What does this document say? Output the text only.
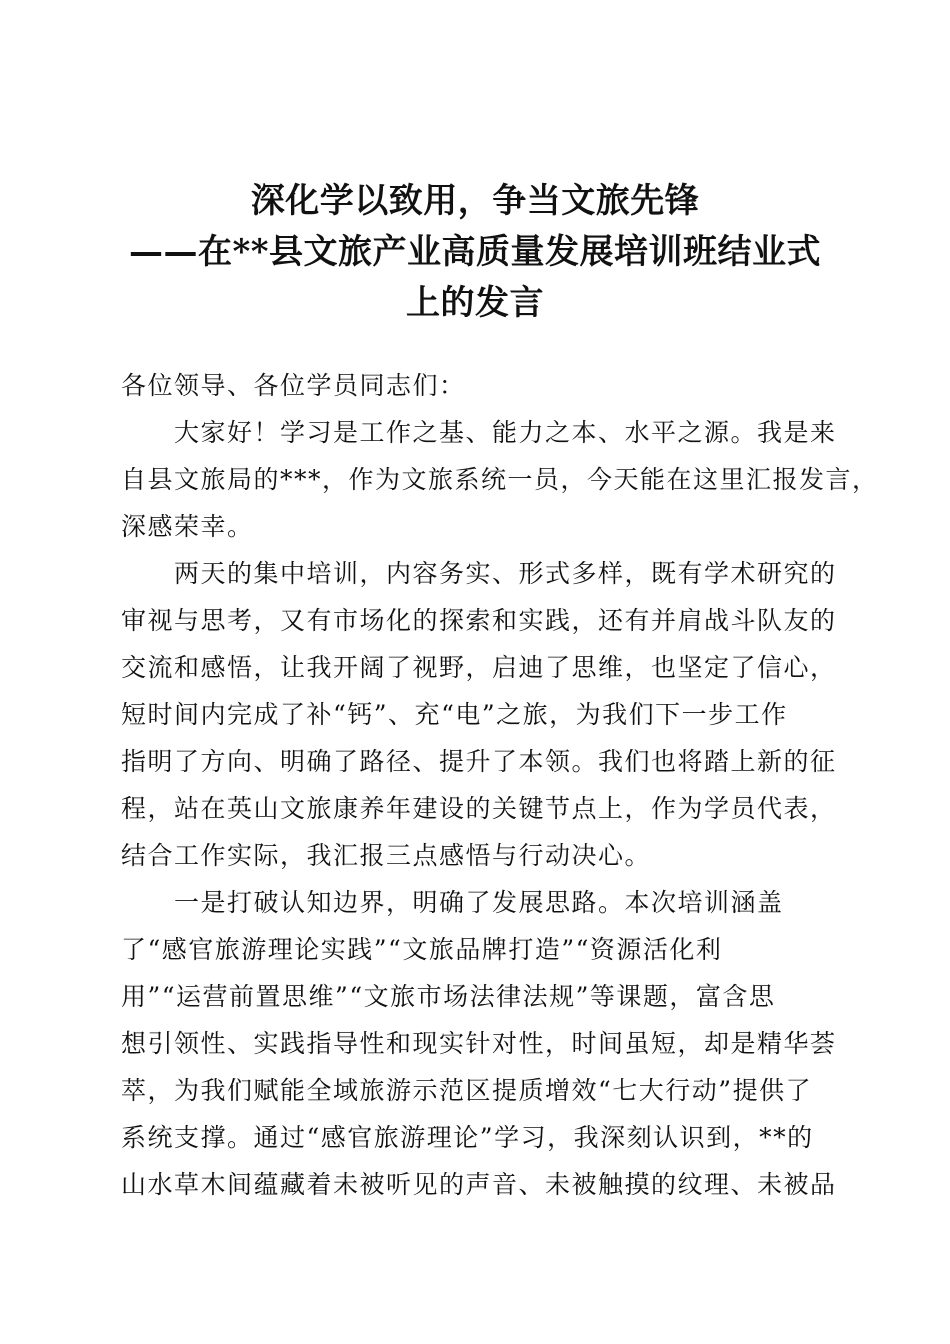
深化学以致用，争当文旅先锋
——在**县文旅产业高质量发展培训班结业式
上的发言

各位领导、各位学员同志们：

　　大家好！学习是工作之基、能力之本、水平之源。我是来
自县文旅局的***，作为文旅系统一员，今天能在这里汇报发言，
深感荣幸。

　　两天的集中培训，内容务实、形式多样，既有学术研究的
审视与思考，又有市场化的探索和实践，还有并肩战斗队友的
交流和感悟，让我开阔了视野，启迪了思维，也坚定了信心，
短时间内完成了补“钙”、充“电”之旅，为我们下一步工作
指明了方向、明确了路径、提升了本领。我们也将踏上新的征
程，站在英山文旅康养年建设的关键节点上，作为学员代表，
结合工作实际，我汇报三点感悟与行动决心。

　　一是打破认知边界，明确了发展思路。本次培训涵盖
了“感官旅游理论实践”“文旅品牌打造”“资源活化利
用”“运营前置思维”“文旅市场法律法规”等课题，富含思
想引领性、实践指导性和现实针对性，时间虽短，却是精华荟
萃，为我们赋能全域旅游示范区提质增效“七大行动”提供了
系统支撑。通过“感官旅游理论”学习，我深刻认识到，**的
山水草木间蕴藏着未被听见的声音、未被触摸的纹理、未被品
